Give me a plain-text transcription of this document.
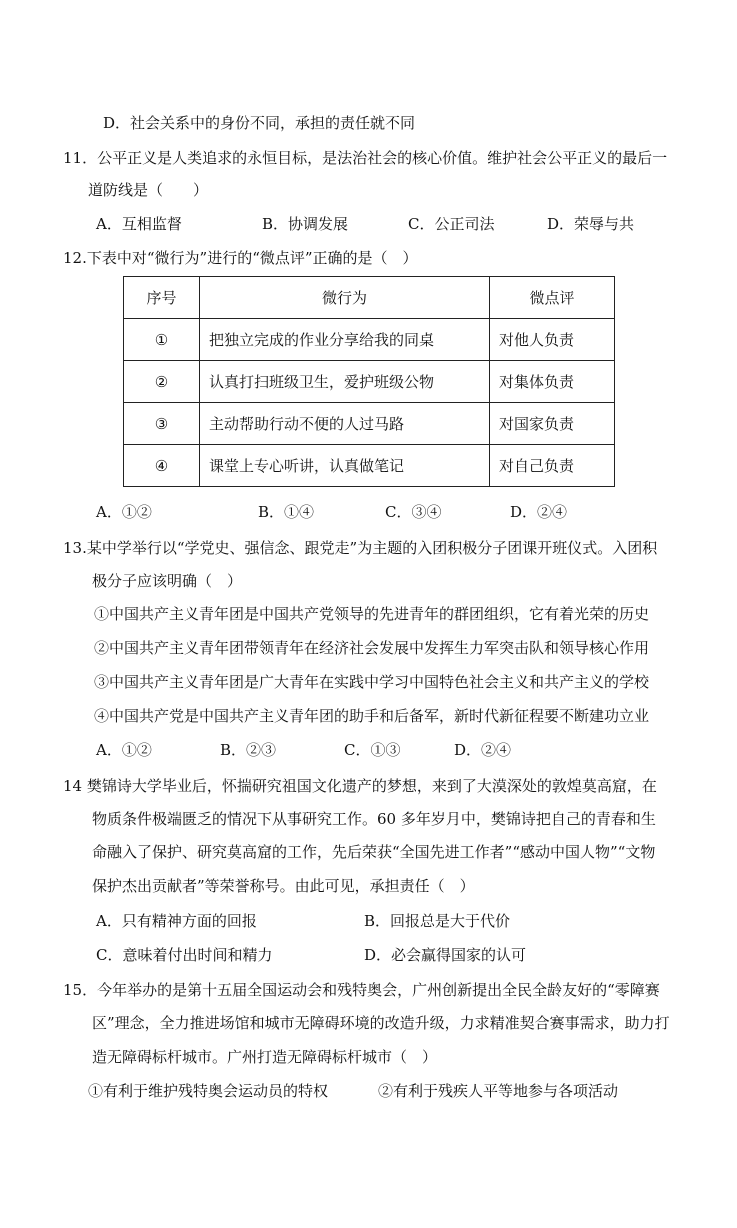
D．社会关系中的身份不同，承担的责任就不同
11．公平正义是人类追求的永恒目标，是法治社会的核心价值。维护社会公平正义的最后一
道防线是（　　）
A．互相监督	B．协调发展	C．公正司法	D．荣辱与共
12.下表中对“微行为”进行的“微点评”正确的是（　）
序号	微行为	微点评
①	把独立完成的作业分享给我的同桌	对他人负责
②	认真打扫班级卫生，爱护班级公物	对集体负责
③	主动帮助行动不便的人过马路	对国家负责
④	课堂上专心听讲，认真做笔记	对自己负责
A．①②	B．①④	C．③④	D．②④
13.某中学举行以“学党史、强信念、跟党走”为主题的入团积极分子团课开班仪式。入团积
极分子应该明确（　）
①中国共产主义青年团是中国共产党领导的先进青年的群团组织，它有着光荣的历史
②中国共产主义青年团带领青年在经济社会发展中发挥生力军突击队和领导核心作用
③中国共产主义青年团是广大青年在实践中学习中国特色社会主义和共产主义的学校
④中国共产党是中国共产主义青年团的助手和后备军，新时代新征程要不断建功立业
A．①②	B．②③	C．①③	D．②④
14 樊锦诗大学毕业后，怀揣研究祖国文化遗产的梦想，来到了大漠深处的敦煌莫高窟，在
物质条件极端匮乏的情况下从事研究工作。60 多年岁月中，樊锦诗把自己的青春和生
命融入了保护、研究莫高窟的工作，先后荣获“全国先进工作者”“感动中国人物”“文物
保护杰出贡献者”等荣誉称号。由此可见，承担责任（　）
A．只有精神方面的回报	B．回报总是大于代价
C．意味着付出时间和精力	D．必会赢得国家的认可
15．今年举办的是第十五届全国运动会和残特奥会，广州创新提出全民全龄友好的“零障赛
区”理念，全力推进场馆和城市无障碍环境的改造升级，力求精准契合赛事需求，助力打
造无障碍标杆城市。广州打造无障碍标杆城市（　）
①有利于维护残特奥会运动员的特权	②有利于残疾人平等地参与各项活动
